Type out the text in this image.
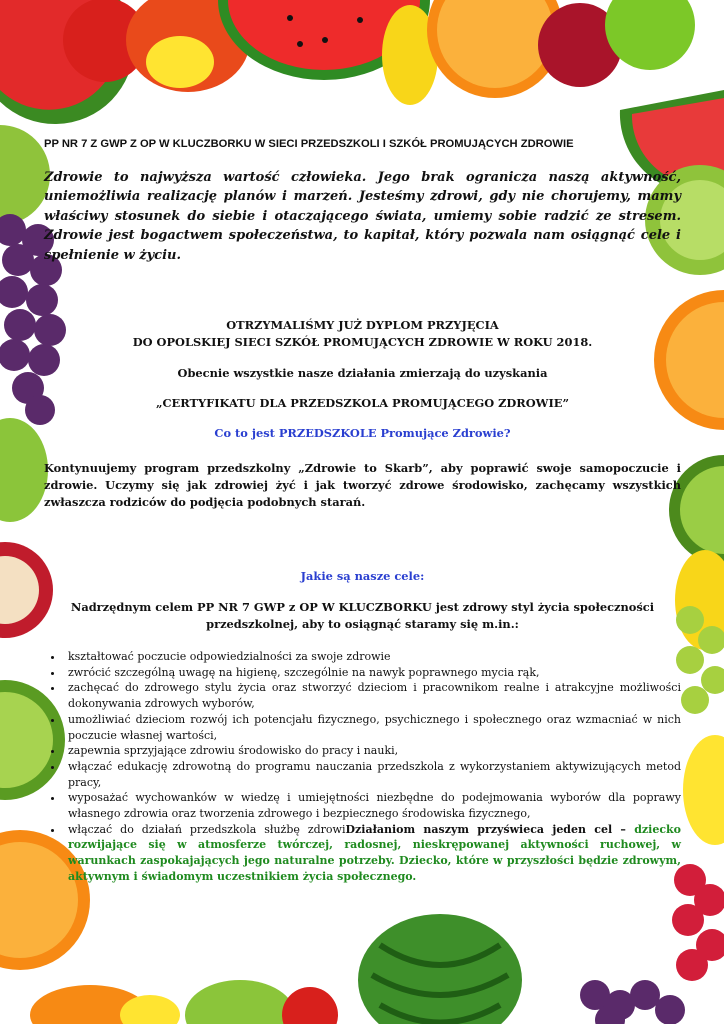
PP NR 7 Z GWP Z OP W KLUCZBORKU W SIECI PRZEDSZKOLI I SZKÓŁ PROMUJĄCYCH ZDROWIE

Zdrowie to najwyższa wartość człowieka. Jego brak ogranicza naszą aktywność, uniemożliwia realizację planów i marzeń. Jesteśmy zdrowi, gdy nie chorujemy, mamy właściwy stosunek do siebie i otaczającego świata, umiemy sobie radzić ze stresem. Zdrowie jest bogactwem społeczeństwa, to kapitał, który pozwala nam osiągnąć cele i spełnienie w życiu.

OTRZYMALIŚMY JUŻ DYPLOM PRZYJĘCIA
DO OPOLSKIEJ SIECI SZKÓŁ PROMUJĄCYCH ZDROWIE W ROKU 2018.
Obecnie wszystkie nasze działania zmierzają do uzyskania
„CERTYFIKATU DLA PRZEDSZKOLA PROMUJĄCEGO ZDROWIE”
Co to jest PRZEDSZKOLE Promujące Zdrowie?
Kontynuujemy program przedszkolny „Zdrowie to Skarb”, aby poprawić swoje samopoczucie i zdrowie. Uczymy się jak zdrowiej żyć i jak tworzyć zdrowe środowisko, zachęcamy wszystkich zwłaszcza rodziców do podjęcia podobnych starań.
Jakie są nasze cele:
Nadrzędnym celem PP NR 7 GWP z OP W KLUCZBORKU jest zdrowy styl życia społeczności przedszkolnej, aby to osiągnąć staramy się m.in.:
• kształtować poczucie odpowiedzialności za swoje zdrowie
• zwrócić szczególną uwagę na higienę, szczególnie na nawyk poprawnego mycia rąk,
• zachęcać do zdrowego stylu życia oraz stworzyć dzieciom i pracownikom realne i atrakcyjne możliwości dokonywania zdrowych wyborów,
• umożliwiać dzieciom rozwój ich potencjału fizycznego, psychicznego i społecznego oraz wzmacniać w nich poczucie własnej wartości,
• zapewnia sprzyjające zdrowiu środowisko do pracy i nauki,
• włączać edukację zdrowotną do programu nauczania przedszkola z wykorzystaniem aktywizujących metod pracy,
• wyposażać wychowanków w wiedzę i umiejętności niezbędne do podejmowania wyborów dla poprawy własnego zdrowia oraz tworzenia zdrowego i bezpiecznego środowiska fizycznego,
• włączać do działań przedszkola służbę zdrowiDziałaniom naszym przyświeca jeden cel – dziecko rozwijające się w atmosferze twórczej, radosnej, nieskrępowanej aktywności ruchowej, w warunkach zaspokajających jego naturalne potrzeby. Dziecko, które w przyszłości będzie zdrowym, aktywnym i świadomym uczestnikiem życia społecznego.
